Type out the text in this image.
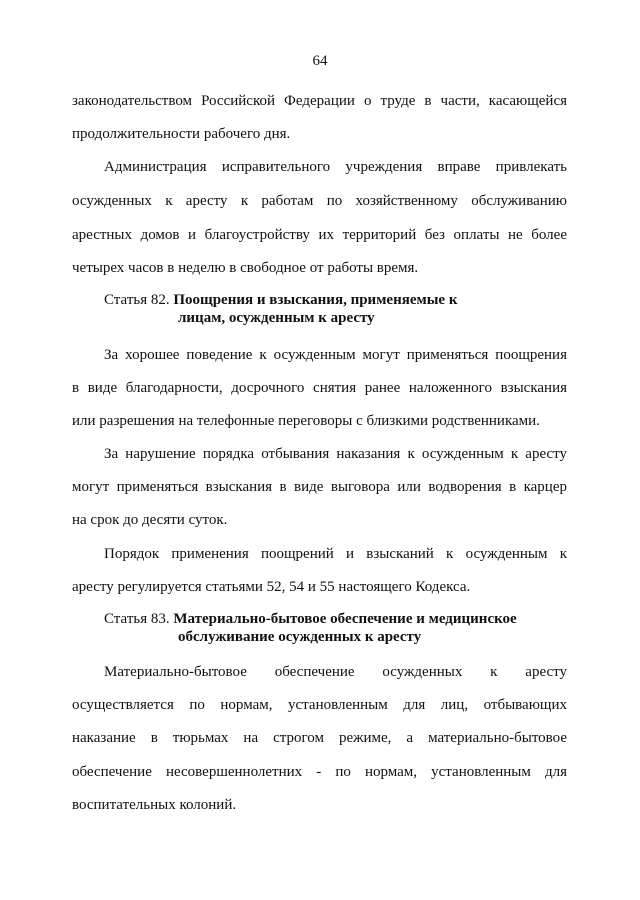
64
законодательством Российской Федерации о труде в части, касающейся
продолжительности рабочего дня.
Администрация исправительного учреждения вправе привлекать
осужденных к аресту к работам по хозяйственному обслуживанию
арестных домов и благоустройству их территорий без оплаты не более
четырех часов в неделю в свободное от работы время.
Статья 82. Поощрения и взыскания, применяемые к
лицам, осужденным к аресту
За хорошее поведение к осужденным могут применяться поощрения
в виде благодарности, досрочного снятия ранее наложенного взыскания
или разрешения на телефонные переговоры с близкими родственниками.
За нарушение порядка отбывания наказания к осужденным к аресту
могут применяться взыскания в виде выговора или водворения в карцер
на срок до десяти суток.
Порядок применения поощрений и взысканий к осужденным к
аресту регулируется статьями 52, 54 и 55 настоящего Кодекса.
Статья 83. Материально-бытовое обеспечение и медицинское
обслуживание осужденных к аресту
Материально-бытовое обеспечение осужденных к аресту
осуществляется по нормам, установленным для лиц, отбывающих
наказание в тюрьмах на строгом режиме, а материально-бытовое
обеспечение несовершеннолетних - по нормам, установленным для
воспитательных колоний.
